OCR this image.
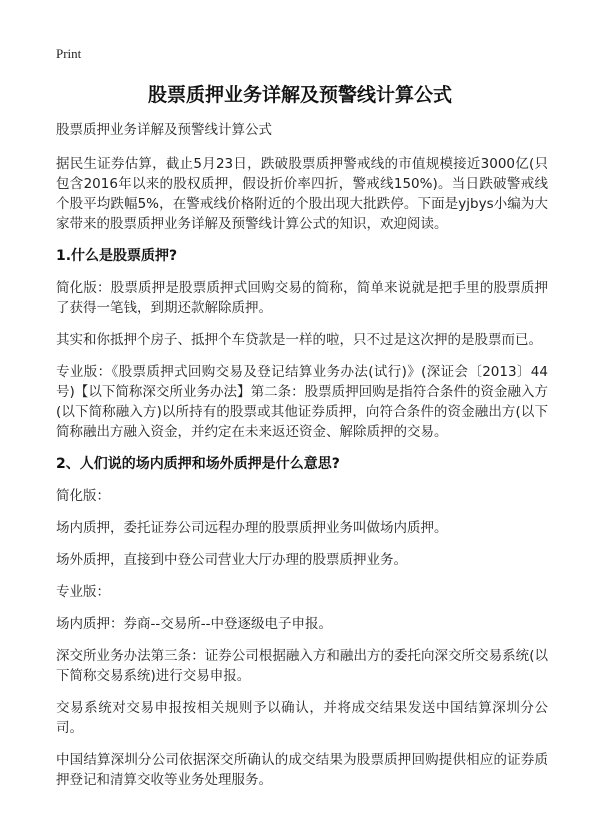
Print
股票质押业务详解及预警线计算公式

股票质押业务详解及预警线计算公式

据民生证券估算，截止5月23日，跌破股票质押警戒线的市值规模接近3000亿(只包含2016年以来的股权质押，假设折价率四折，警戒线150%)。当日跌破警戒线个股平均跌幅5%，在警戒线价格附近的个股出现大批跌停。下面是yjbys小编为大家带来的股票质押业务详解及预警线计算公式的知识，欢迎阅读。

1.什么是股票质押?

简化版：股票质押是股票质押式回购交易的简称，简单来说就是把手里的股票质押了获得一笔钱，到期还款解除质押。

其实和你抵押个房子、抵押个车贷款是一样的啦，只不过是这次押的是股票而已。

专业版：《股票质押式回购交易及登记结算业务办法(试行)》(深证会〔2013〕44号)【以下简称深交所业务办法】第二条：股票质押回购是指符合条件的资金融入方(以下简称融入方)以所持有的股票或其他证券质押，向符合条件的资金融出方(以下简称融出方融入资金，并约定在未来返还资金、解除质押的交易。

2、人们说的场内质押和场外质押是什么意思?

简化版：

场内质押，委托证券公司远程办理的股票质押业务叫做场内质押。

场外质押，直接到中登公司营业大厅办理的股票质押业务。

专业版：

场内质押：券商--交易所--中登逐级电子申报。

深交所业务办法第三条：证券公司根据融入方和融出方的委托向深交所交易系统(以下简称交易系统)进行交易申报。

交易系统对交易申报按相关规则予以确认，并将成交结果发送中国结算深圳分公司。

中国结算深圳分公司依据深交所确认的成交结果为股票质押回购提供相应的证券质押登记和清算交收等业务处理服务。
